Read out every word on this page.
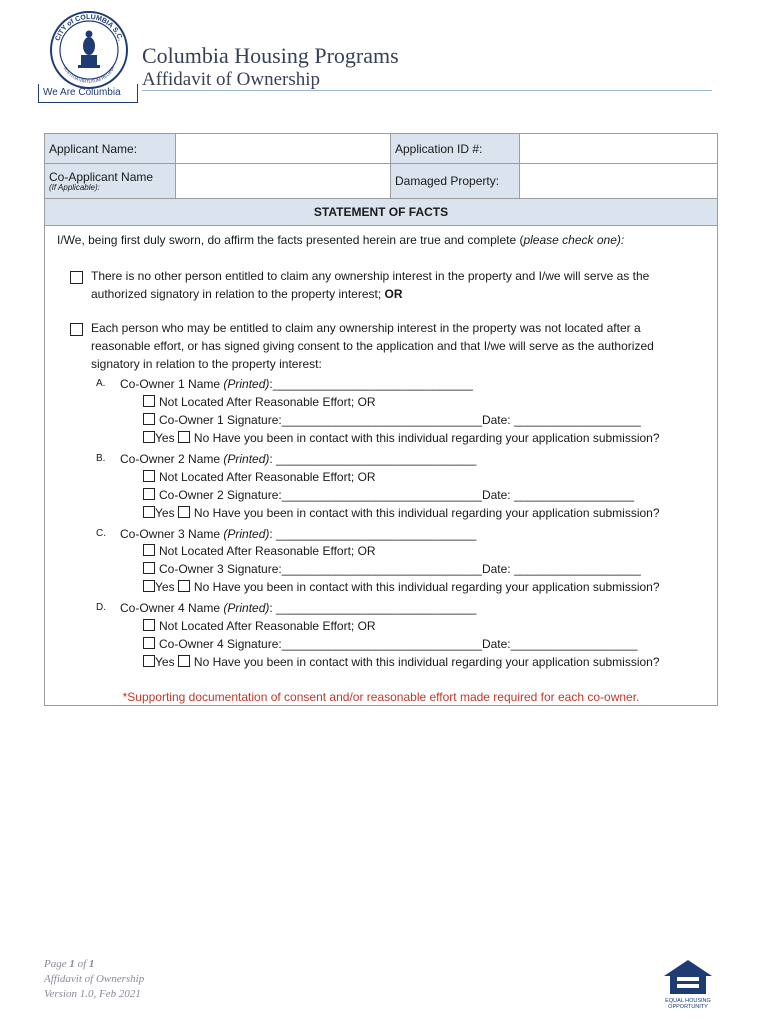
CITY of COLUMBIA S.C.
JUSTITIA VIRTUTUM REGINA
We Are Columbia
Columbia Housing Programs
Affidavit of Ownership
Applicant Name:		Application ID #:	
Co-Applicant Name
(If Applicable):		Damaged Property:	
STATEMENT OF FACTS
I/We, being first duly sworn, do affirm the facts presented herein are true and complete (please check one):
There is no other person entitled to claim any ownership interest in the property and I/we will serve as the
authorized signatory in relation to the property interest; OR
Each person who may be entitled to claim any ownership interest in the property was not located after a
reasonable effort, or has signed giving consent to the application and that I/we will serve as the authorized
signatory in relation to the property interest:
A. Co-Owner 1 Name (Printed):______________________________
Not Located After Reasonable Effort; OR
Co-Owner 1 Signature:______________________________Date: ___________________
Yes No Have you been in contact with this individual regarding your application submission?
B. Co-Owner 2 Name (Printed): ______________________________
Not Located After Reasonable Effort; OR
Co-Owner 2 Signature:______________________________Date: __________________
Yes No Have you been in contact with this individual regarding your application submission?
C. Co-Owner 3 Name (Printed): ______________________________
Not Located After Reasonable Effort; OR
Co-Owner 3 Signature:______________________________Date: ___________________
Yes No Have you been in contact with this individual regarding your application submission?
D. Co-Owner 4 Name (Printed): ______________________________
Not Located After Reasonable Effort; OR
Co-Owner 4 Signature:______________________________Date:___________________
Yes No Have you been in contact with this individual regarding your application submission?
*Supporting documentation of consent and/or reasonable effort made required for each co-owner.
Page 1 of 1
Affidavit of Ownership
Version 1.0, Feb 2021
EQUAL HOUSING
OPPORTUNITY
